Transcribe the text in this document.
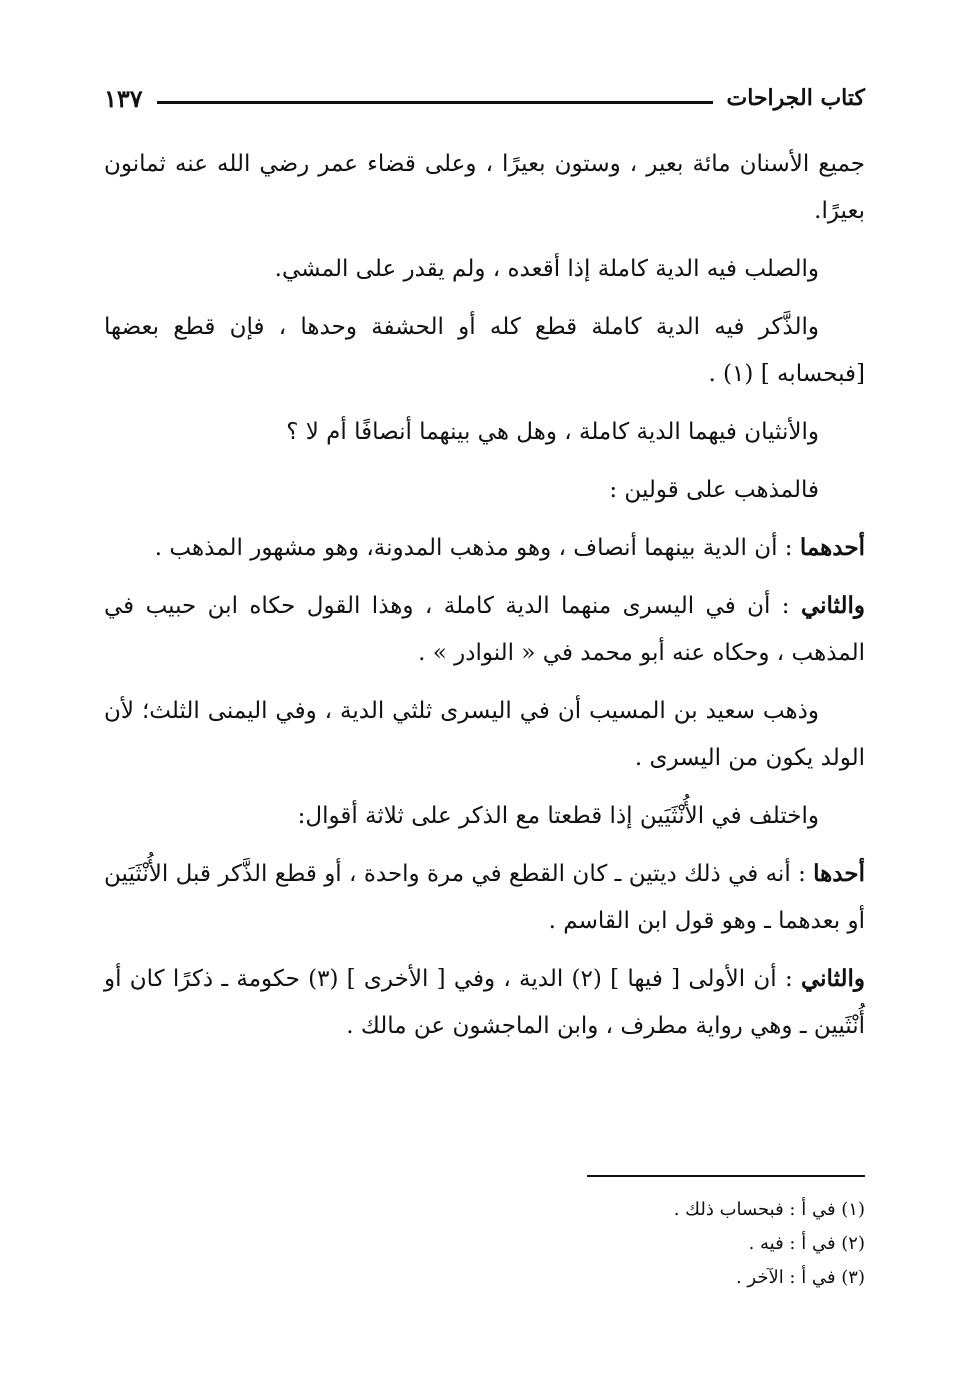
كتاب الجراحات
١٣٧

جميع الأسنان مائة بعير ، وستون بعيرًا ، وعلى قضاء عمر رضي الله عنه ثمانون بعيرًا.

والصلب فيه الدية كاملة إذا أقعده ، ولم يقدر على المشي.

والذَّكر فيه الدية كاملة قطع كله أو الحشفة وحدها ، فإن قطع بعضها [فبحسابه ] (١) .

والأنثيان فيهما الدية كاملة ، وهل هي بينهما أنصافًا أم لا ؟

فالمذهب على قولين :

أحدهما : أن الدية بينهما أنصاف ، وهو مذهب المدونة، وهو مشهور المذهب .

والثاني : أن في اليسرى منهما الدية كاملة ، وهذا القول حكاه ابن حبيب في المذهب ، وحكاه عنه أبو محمد في « النوادر » .

وذهب سعيد بن المسيب أن في اليسرى ثلثي الدية ، وفي اليمنى الثلث؛ لأن الولد يكون من اليسرى .

واختلف في الأُنْثَيَين إذا قطعتا مع الذكر على ثلاثة أقوال:

أحدها : أنه في ذلك ديتين ـ كان القطع في مرة واحدة ، أو قطع الذَّكر قبل الأُنْثَيَين أو بعدهما ـ وهو قول ابن القاسم .

والثاني : أن الأولى [ فيها ] (٢) الدية ، وفي [ الأخرى ] (٣) حكومة ـ ذكرًا كان أو أُنْثَيين ـ وهي رواية مطرف ، وابن الماجشون عن مالك .

(١) في أ : فبحساب ذلك .
(٢) في أ : فيه .
(٣) في أ : الآخر .
